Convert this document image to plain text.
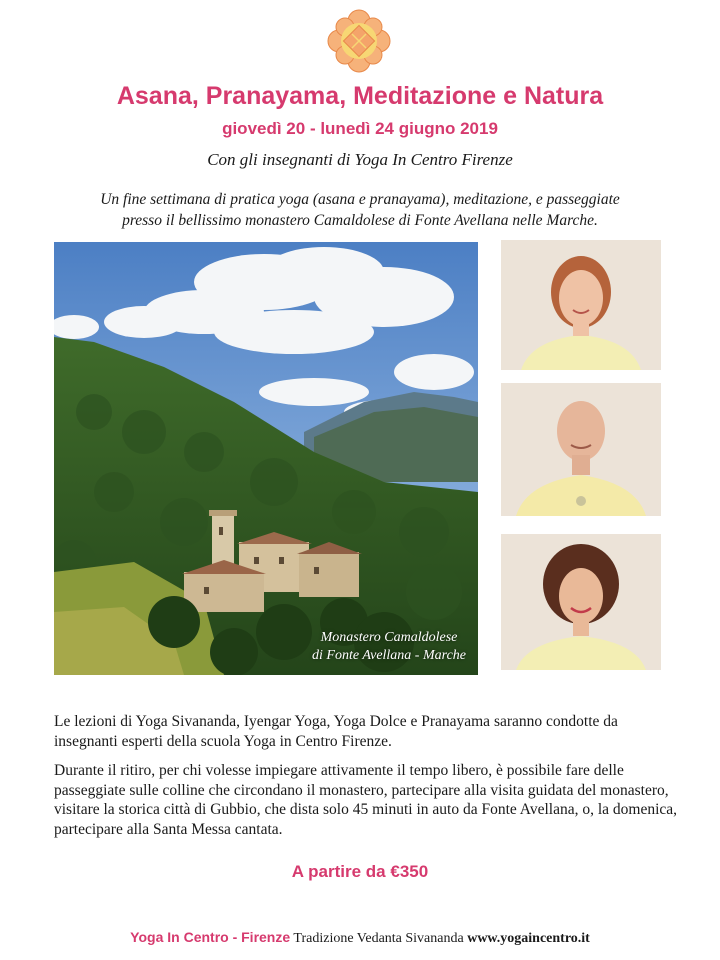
Asana, Pranayama, Meditazione e Natura
giovedì 20 - lunedì 24 giugno 2019
Con gli insegnanti di Yoga In Centro Firenze
Un fine settimana di pratica yoga (asana e pranayama), meditazione, e passeggiate
presso il bellissimo monastero Camaldolese di Fonte Avellana nelle Marche.
Monastero Camaldolese
di Fonte Avellana - Marche

Le lezioni di Yoga Sivananda, Iyengar Yoga, Yoga Dolce e Pranayama saranno condotte da insegnanti esperti della scuola Yoga in Centro Firenze.

Durante il ritiro, per chi volesse impiegare attivamente il tempo libero, è possibile fare delle passeggiate sulle colline che circondano il monastero, partecipare alla visita guidata del monastero, visitare la storica città di Gubbio, che dista solo 45 minuti in auto da Fonte Avellana, o, la domenica, partecipare alla Santa Messa cantata.

A partire da €350
Yoga In Centro - Firenze Tradizione Vedanta Sivananda www.yogaincentro.it
